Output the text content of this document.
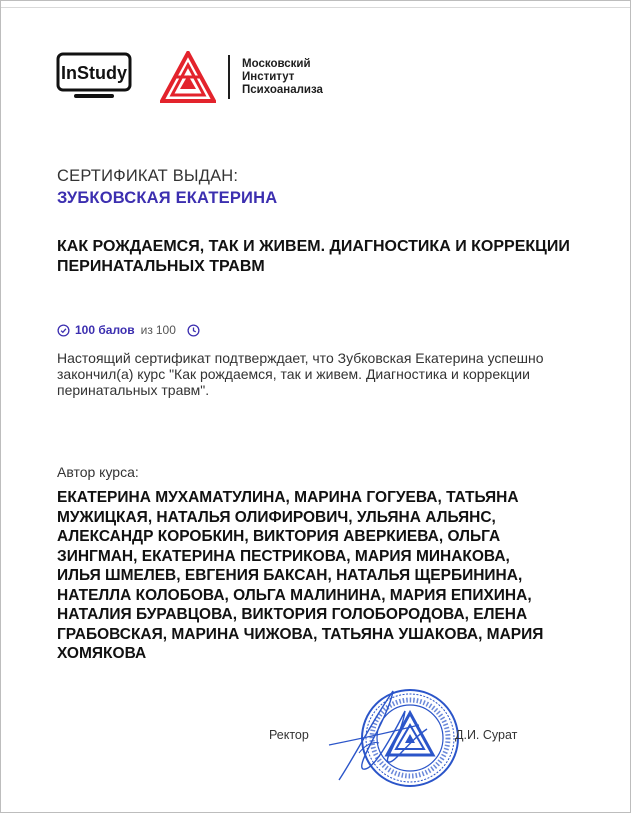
InStudy	Московский
Институт
Психоанализа
СЕРТИФИКАТ ВЫДАН:
ЗУБКОВСКАЯ ЕКАТЕРИНА
КАК РОЖДАЕМСЯ, ТАК И ЖИВЕМ. ДИАГНОСТИКА И КОРРЕКЦИИ ПЕРИНАТАЛЬНЫХ ТРАВМ
100 балов из 100
Настоящий сертификат подтверждает, что Зубковская Екатерина успешно закончил(а) курс "Как рождаемся, так и живем. Диагностика и коррекции перинатальных травм".
Автор курса:
ЕКАТЕРИНА МУХАМАТУЛИНА, МАРИНА ГОГУЕВА, ТАТЬЯНА МУЖИЦКАЯ, НАТАЛЬЯ ОЛИФИРОВИЧ, УЛЬЯНА АЛЬЯНС, АЛЕКСАНДР КОРОБКИН, ВИКТОРИЯ АВЕРКИЕВА, ОЛЬГА ЗИНГМАН, ЕКАТЕРИНА ПЕСТРИКОВА, МАРИЯ МИНАКОВА, ИЛЬЯ ШМЕЛЕВ, ЕВГЕНИЯ БАКСАН, НАТАЛЬЯ ЩЕРБИНИНА, НАТЕЛЛА КОЛОБОВА, ОЛЬГА МАЛИНИНА, МАРИЯ ЕПИХИНА, НАТАЛИЯ БУРАВЦОВА, ВИКТОРИЯ ГОЛОБОРОДОВА, ЕЛЕНА ГРАБОВСКАЯ, МАРИНА ЧИЖОВА, ТАТЬЯНА УШАКОВА, МАРИЯ ХОМЯКОВА
Ректор	Д.И. Сурат
